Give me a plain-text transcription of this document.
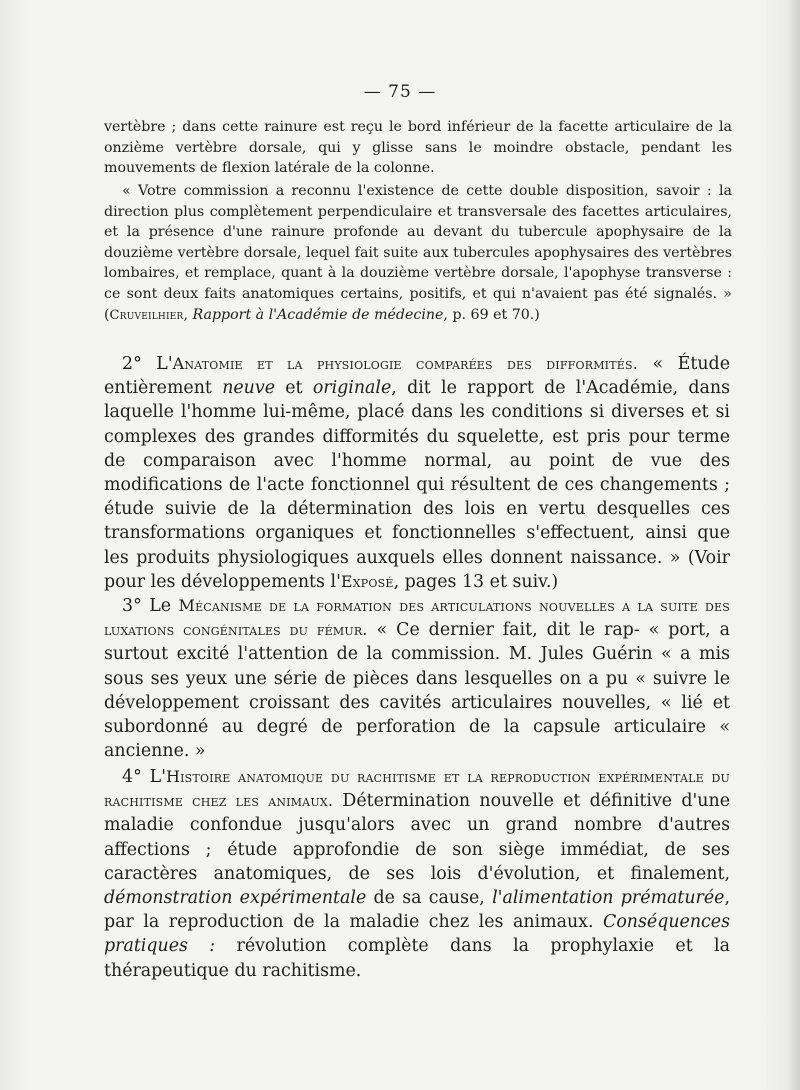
— 75 —

vertèbre ; dans cette rainure est reçu le bord inférieur de la facette articulaire de la onzième vertèbre dorsale, qui y glisse sans le moindre obstacle, pendant les mouvements de flexion latérale de la colonne.

« Votre commission a reconnu l'existence de cette double disposition, savoir : la direction plus complètement perpendiculaire et transversale des facettes articulaires, et la présence d'une rainure profonde au devant du tubercule apophysaire de la douzième vertèbre dorsale, lequel fait suite aux tubercules apophysaires des vertèbres lombaires, et remplace, quant à la douzième vertèbre dorsale, l'apophyse transverse : ce sont deux faits anatomiques certains, positifs, et qui n'avaient pas été signalés. » (Cruveilhier, Rapport à l'Académie de médecine, p. 69 et 70.)

2° L'Anatomie et la physiologie comparées des difformités. « Étude entièrement neuve et originale, dit le rapport de l'Académie, dans laquelle l'homme lui-même, placé dans les conditions si diverses et si complexes des grandes difformités du squelette, est pris pour terme de comparaison avec l'homme normal, au point de vue des modifications de l'acte fonctionnel qui résultent de ces changements ; étude suivie de la détermination des lois en vertu desquelles ces transformations organiques et fonctionnelles s'effectuent, ainsi que les produits physiologiques auxquels elles donnent naissance. » (Voir pour les développements l'Exposé, pages 13 et suiv.)

3° Le Mécanisme de la formation des articulations nouvelles a la suite des luxations congénitales du fémur. « Ce dernier fait, dit le rap- « port, a surtout excité l'attention de la commission. M. Jules Guérin « a mis sous ses yeux une série de pièces dans lesquelles on a pu « suivre le développement croissant des cavités articulaires nouvelles, « lié et subordonné au degré de perforation de la capsule articulaire « ancienne. »

4° L'Histoire anatomique du rachitisme et la reproduction expérimentale du rachitisme chez les animaux. Détermination nouvelle et définitive d'une maladie confondue jusqu'alors avec un grand nombre d'autres affections ; étude approfondie de son siège immédiat, de ses caractères anatomiques, de ses lois d'évolution, et finalement, démonstration expérimentale de sa cause, l'alimentation prématurée, par la reproduction de la maladie chez les animaux. Conséquences pratiques : révolution complète dans la prophylaxie et la thérapeutique du rachitisme.
